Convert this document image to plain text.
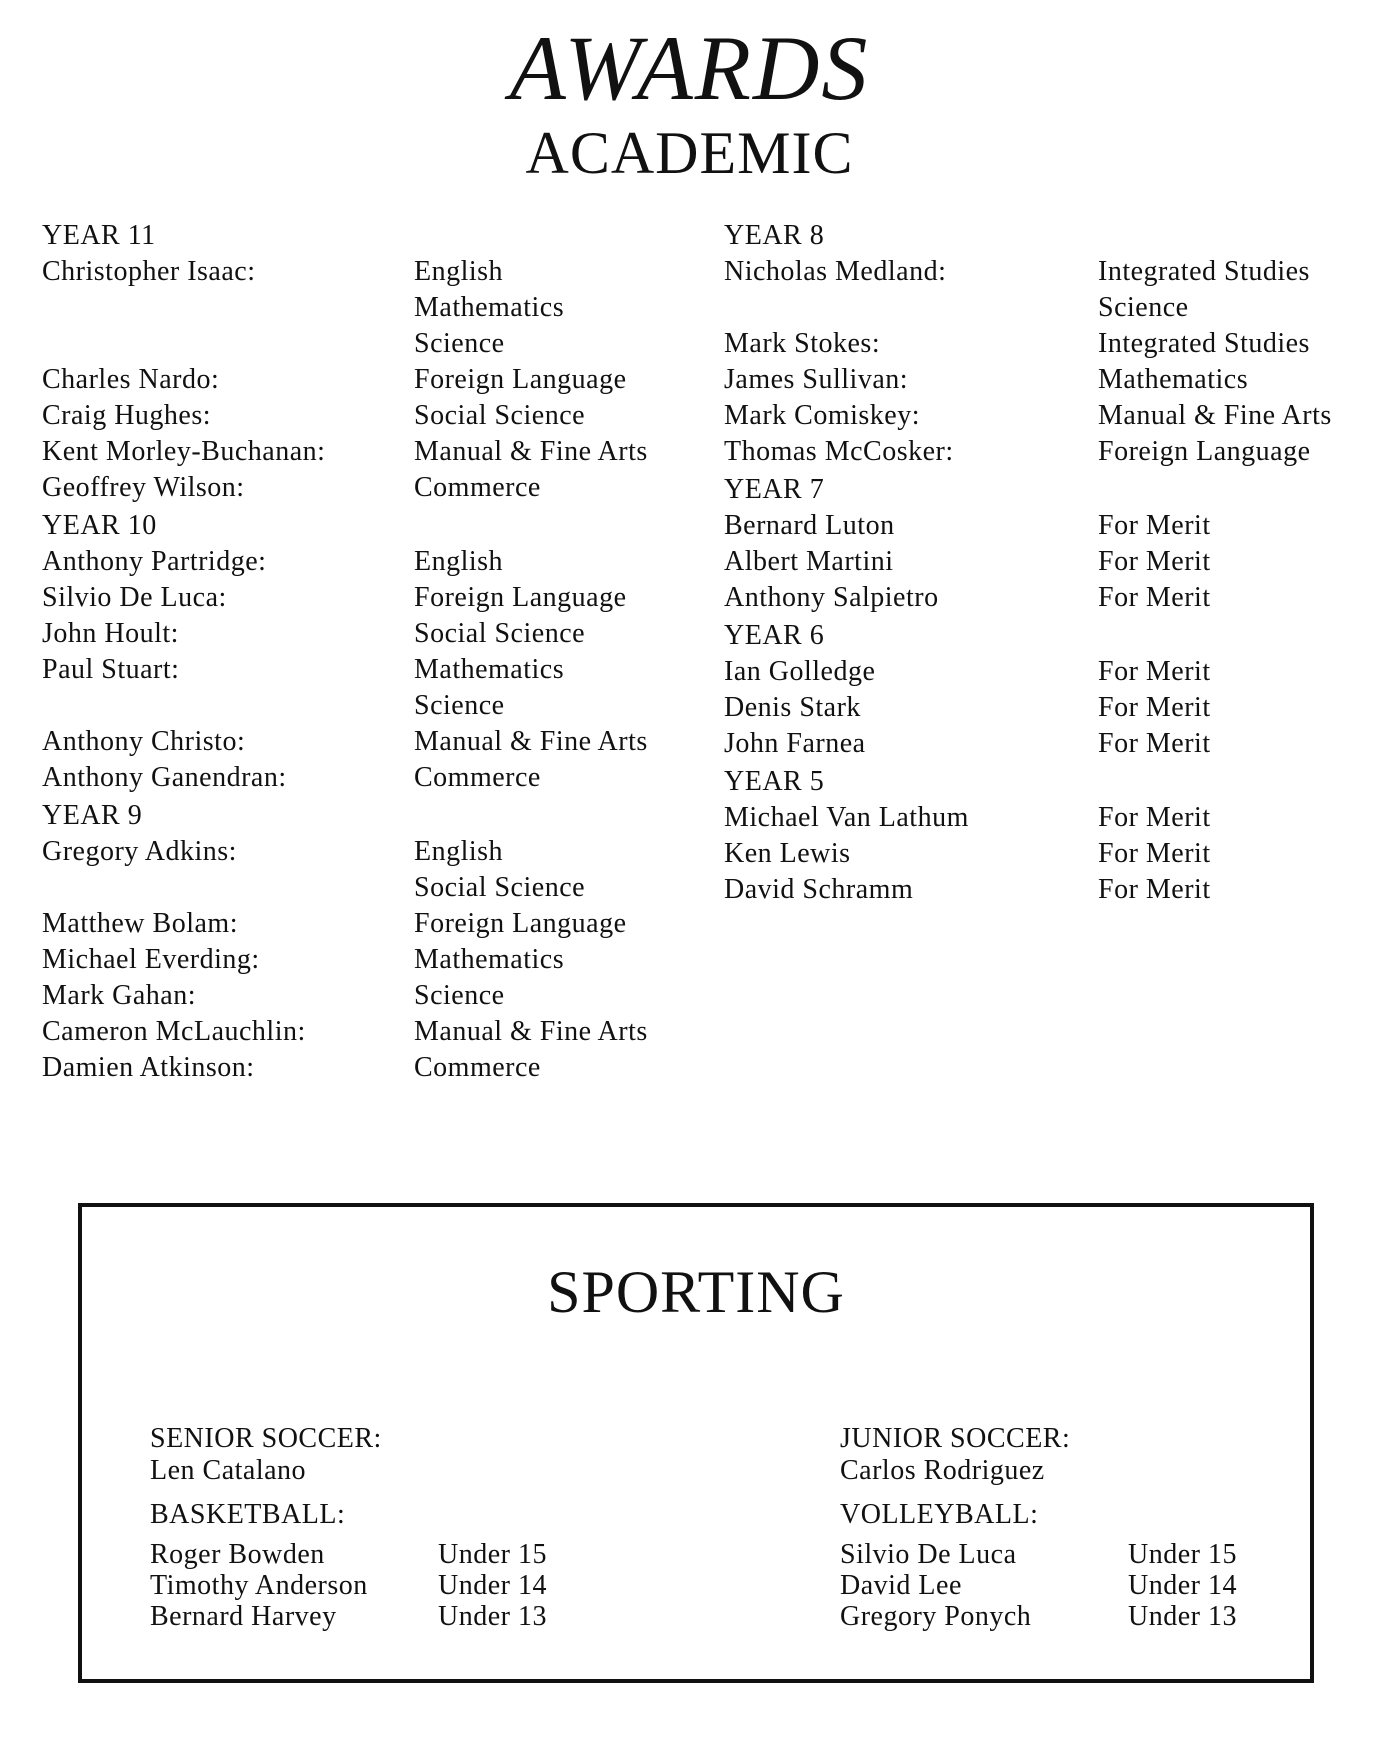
AWARDS
ACADEMIC
YEAR 11
Christopher Isaac:	English
Mathematics
Science
Charles Nardo:	Foreign Language
Craig Hughes:	Social Science
Kent Morley-Buchanan:	Manual & Fine Arts
Geoffrey Wilson:	Commerce
YEAR 10
Anthony Partridge:	English
Silvio De Luca:	Foreign Language
John Hoult:	Social Science
Paul Stuart:	Mathematics
Science
Anthony Christo:	Manual & Fine Arts
Anthony Ganendran:	Commerce
YEAR 9
Gregory Adkins:	English
Social Science
Matthew Bolam:	Foreign Language
Michael Everding:	Mathematics
Mark Gahan:	Science
Cameron McLauchlin:	Manual & Fine Arts
Damien Atkinson:	Commerce
YEAR 8
Nicholas Medland:	Integrated Studies
Science
Mark Stokes:	Integrated Studies
James Sullivan:	Mathematics
Mark Comiskey:	Manual & Fine Arts
Thomas McCosker:	Foreign Language
YEAR 7
Bernard Luton	For Merit
Albert Martini	For Merit
Anthony Salpietro	For Merit
YEAR 6
Ian Golledge	For Merit
Denis Stark	For Merit
John Farnea	For Merit
YEAR 5
Michael Van Lathum	For Merit
Ken Lewis	For Merit
David Schramm	For Merit
SPORTING
SENIOR SOCCER:
Len Catalano
BASKETBALL:
Roger Bowden	Under 15
Timothy Anderson	Under 14
Bernard Harvey	Under 13
JUNIOR SOCCER:
Carlos Rodriguez
VOLLEYBALL:
Silvio De Luca	Under 15
David Lee	Under 14
Gregory Ponych	Under 13
